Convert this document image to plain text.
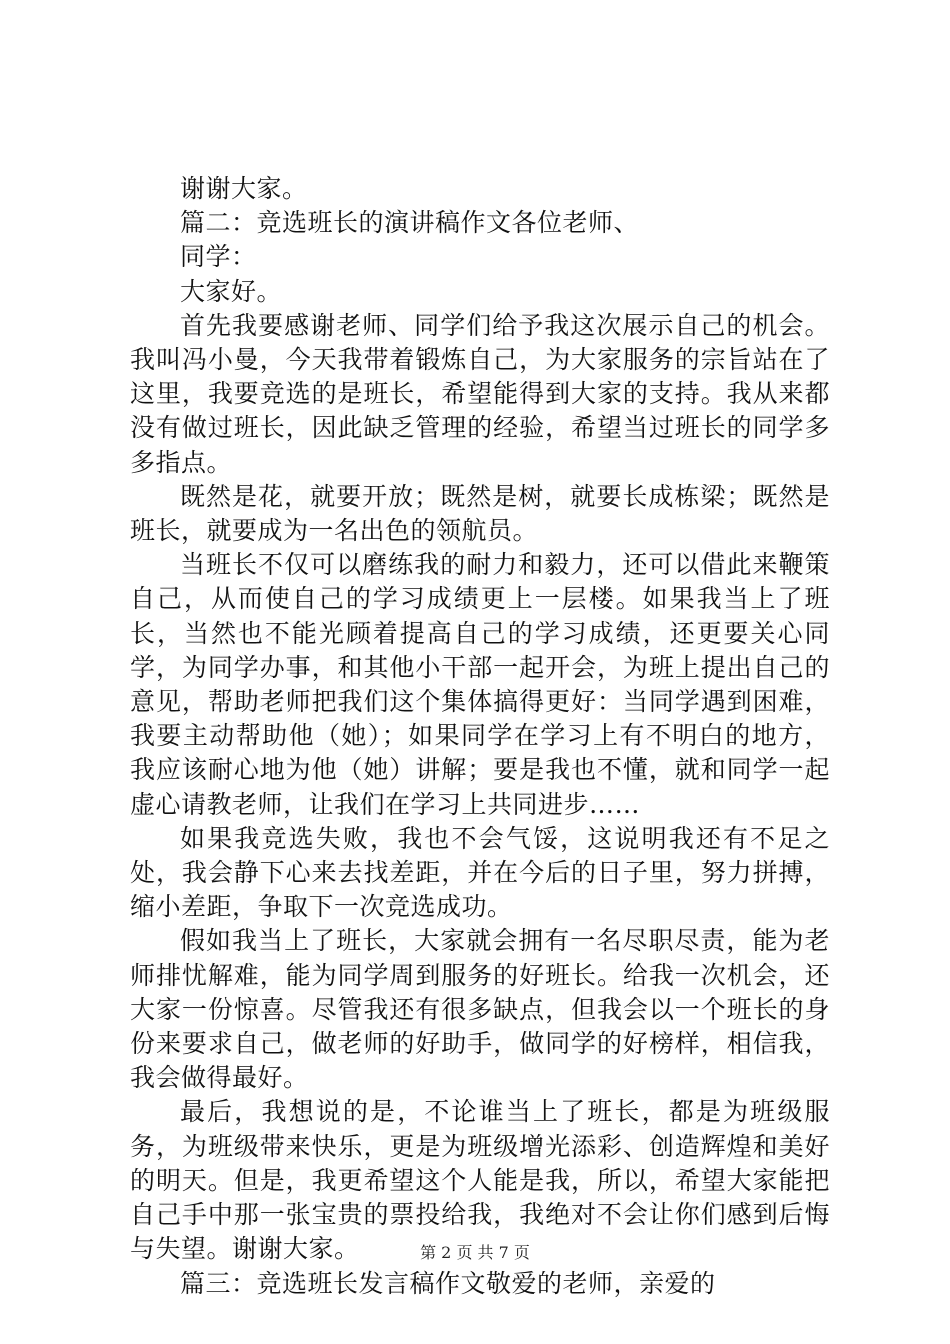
谢谢大家。

篇二：竞选班长的演讲稿作文各位老师、

同学：

大家好。

首先我要感谢老师、同学们给予我这次展示自己的机会。我叫冯小曼，今天我带着锻炼自己，为大家服务的宗旨站在了这里，我要竞选的是班长，希望能得到大家的支持。我从来都没有做过班长，因此缺乏管理的经验，希望当过班长的同学多多指点。

既然是花，就要开放；既然是树，就要长成栋梁；既然是班长，就要成为一名出色的领航员。

当班长不仅可以磨练我的耐力和毅力，还可以借此来鞭策自己，从而使自己的学习成绩更上一层楼。如果我当上了班长，当然也不能光顾着提高自己的学习成绩，还更要关心同学，为同学办事，和其他小干部一起开会，为班上提出自己的意见，帮助老师把我们这个集体搞得更好：当同学遇到困难，我要主动帮助他（她）；如果同学在学习上有不明白的地方，我应该耐心地为他（她）讲解；要是我也不懂，就和同学一起虚心请教老师，让我们在学习上共同进步……

如果我竞选失败，我也不会气馁，这说明我还有不足之处，我会静下心来去找差距，并在今后的日子里，努力拼搏，缩小差距，争取下一次竞选成功。

假如我当上了班长，大家就会拥有一名尽职尽责，能为老师排忧解难，能为同学周到服务的好班长。给我一次机会，还大家一份惊喜。尽管我还有很多缺点，但我会以一个班长的身份来要求自己，做老师的好助手，做同学的好榜样，相信我，我会做得最好。

最后，我想说的是，不论谁当上了班长，都是为班级服务，为班级带来快乐，更是为班级增光添彩、创造辉煌和美好的明天。但是，我更希望这个人能是我，所以，希望大家能把自己手中那一张宝贵的票投给我，我绝对不会让你们感到后悔与失望。谢谢大家。

篇三：竞选班长发言稿作文敬爱的老师，亲爱的

第 2 页 共 7 页
